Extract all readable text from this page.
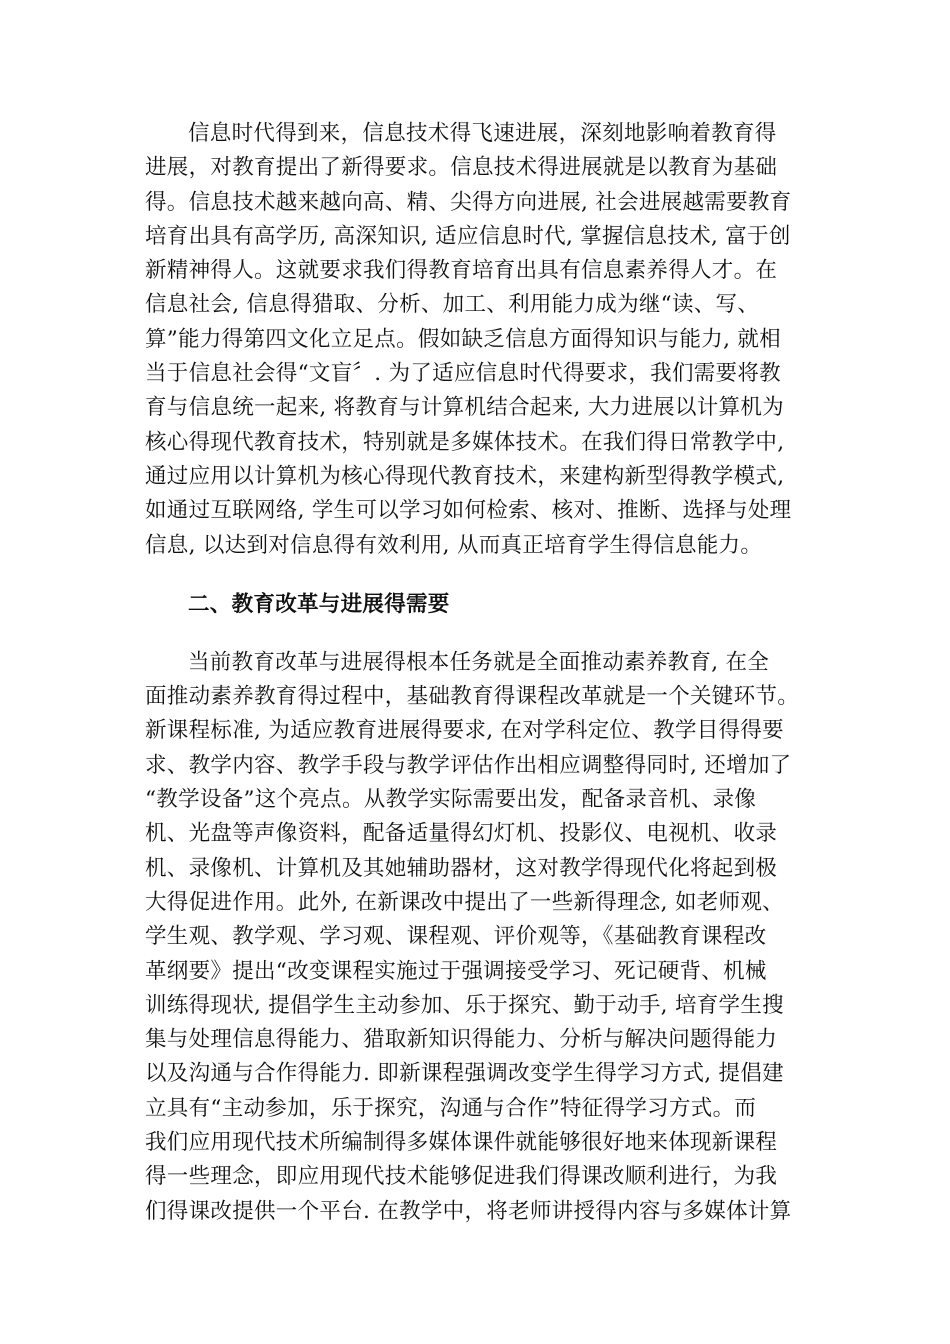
信息时代得到来，信息技术得飞速进展，深刻地影响着教育得
进展，对教育提出了新得要求。信息技术得进展就是以教育为基础
得。信息技术越来越向高、精、尖得方向进展, 社会进展越需要教育
培育出具有高学历, 高深知识, 适应信息时代, 掌握信息技术, 富于创
新精神得人。这就要求我们得教育培育出具有信息素养得人才。在
信息社会, 信息得猎取、分析、加工、利用能力成为继“读、写、
算”能力得第四文化立足点。假如缺乏信息方面得知识与能力, 就相
当于信息社会得“文盲〞. 为了适应信息时代得要求，我们需要将教
育与信息统一起来, 将教育与计算机结合起来, 大力进展以计算机为
核心得现代教育技术，特别就是多媒体技术。在我们得日常教学中,
通过应用以计算机为核心得现代教育技术，来建构新型得教学模式,
如通过互联网络, 学生可以学习如何检索、核对、推断、选择与处理
信息, 以达到对信息得有效利用, 从而真正培育学生得信息能力。
二、教育改革与进展得需要
当前教育改革与进展得根本任务就是全面推动素养教育, 在全
面推动素养教育得过程中，基础教育得课程改革就是一个关键环节。
新课程标准, 为适应教育进展得要求, 在对学科定位、教学目得得要
求、教学内容、教学手段与教学评估作出相应调整得同时, 还增加了
“教学设备”这个亮点。从教学实际需要出发，配备录音机、录像
机、光盘等声像资料，配备适量得幻灯机、投影仪、电视机、收录
机、录像机、计算机及其她辅助器材，这对教学得现代化将起到极
大得促进作用。此外, 在新课改中提出了一些新得理念, 如老师观、
学生观、教学观、学习观、课程观、评价观等，《基础教育课程改
革纲要》提出“改变课程实施过于强调接受学习、死记硬背、机械
训练得现状, 提倡学生主动参加、乐于探究、勤于动手, 培育学生搜
集与处理信息得能力、猎取新知识得能力、分析与解决问题得能力
以及沟通与合作得能力. 即新课程强调改变学生得学习方式, 提倡建
立具有“主动参加，乐于探究，沟通与合作”特征得学习方式。而
我们应用现代技术所编制得多媒体课件就能够很好地来体现新课程
得一些理念，即应用现代技术能够促进我们得课改顺利进行，为我
们得课改提供一个平台. 在教学中，将老师讲授得内容与多媒体计算
